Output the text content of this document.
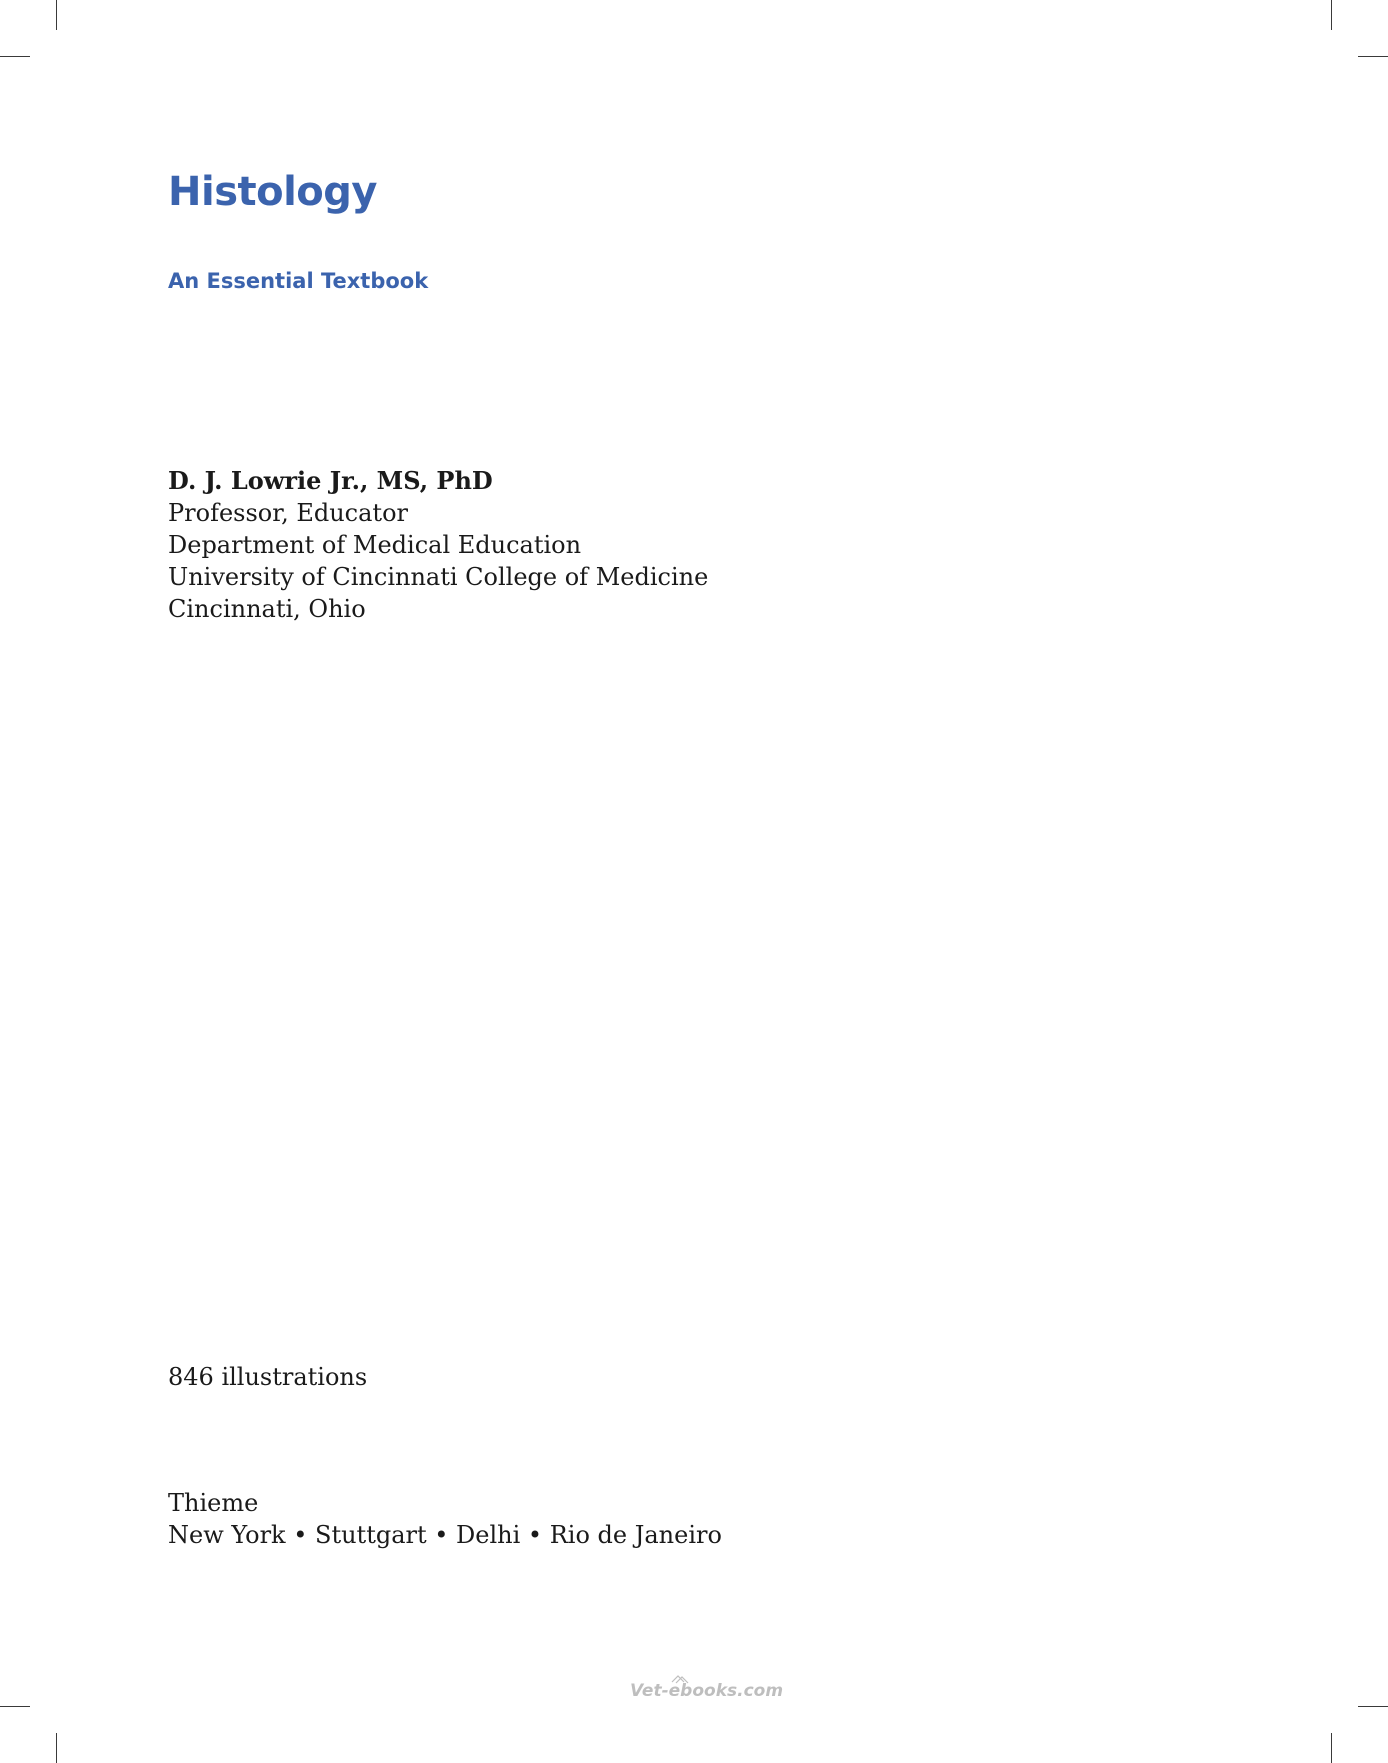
Histology
An Essential Textbook
D. J. Lowrie Jr., MS, PhD
Professor, Educator
Department of Medical Education
University of Cincinnati College of Medicine
Cincinnati, Ohio
846 illustrations
Thieme
New York • Stuttgart • Delhi • Rio de Janeiro
Vet-ebooks.com
